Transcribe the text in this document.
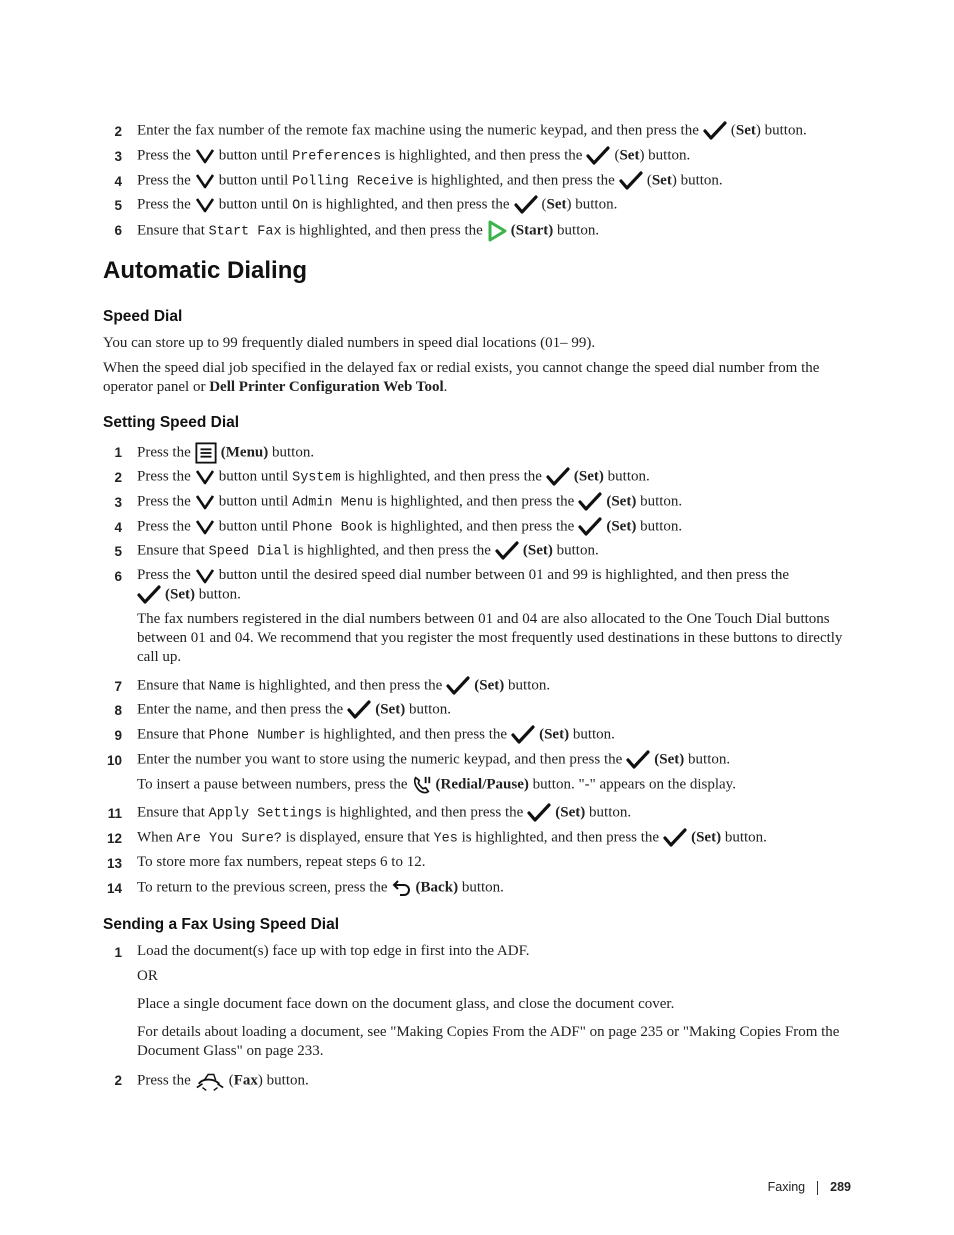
2 Enter the fax number of the remote fax machine using the numeric keypad, and then press the (Set) button.
3 Press the button until Preferences is highlighted, and then press the (Set) button.
4 Press the button until Polling Receive is highlighted, and then press the (Set) button.
5 Press the button until On is highlighted, and then press the (Set) button.
6 Ensure that Start Fax is highlighted, and then press the (Start) button.
Automatic Dialing
Speed Dial
You can store up to 99 frequently dialed numbers in speed dial locations (01– 99).
When the speed dial job specified in the delayed fax or redial exists, you cannot change the speed dial number from the operator panel or Dell Printer Configuration Web Tool.
Setting Speed Dial
1 Press the (Menu) button.
2 Press the button until System is highlighted, and then press the (Set) button.
3 Press the button until Admin Menu is highlighted, and then press the (Set) button.
4 Press the button until Phone Book is highlighted, and then press the (Set) button.
5 Ensure that Speed Dial is highlighted, and then press the (Set) button.
6 Press the button until the desired speed dial number between 01 and 99 is highlighted, and then press the
(Set) button.
The fax numbers registered in the dial numbers between 01 and 04 are also allocated to the One Touch Dial buttons between 01 and 04. We recommend that you register the most frequently used destinations in these buttons to directly call up.
7 Ensure that Name is highlighted, and then press the (Set) button.
8 Enter the name, and then press the (Set) button.
9 Ensure that Phone Number is highlighted, and then press the (Set) button.
10 Enter the number you want to store using the numeric keypad, and then press the (Set) button.
To insert a pause between numbers, press the (Redial/Pause) button. "-" appears on the display.
11 Ensure that Apply Settings is highlighted, and then press the (Set) button.
12 When Are You Sure? is displayed, ensure that Yes is highlighted, and then press the (Set) button.
13 To store more fax numbers, repeat steps 6 to 12.
14 To return to the previous screen, press the (Back) button.
Sending a Fax Using Speed Dial
1 Load the document(s) face up with top edge in first into the ADF.
OR
Place a single document face down on the document glass, and close the document cover.
For details about loading a document, see "Making Copies From the ADF" on page 235 or "Making Copies From the Document Glass" on page 233.
2 Press the	(Fax) button.
Faxing 289
